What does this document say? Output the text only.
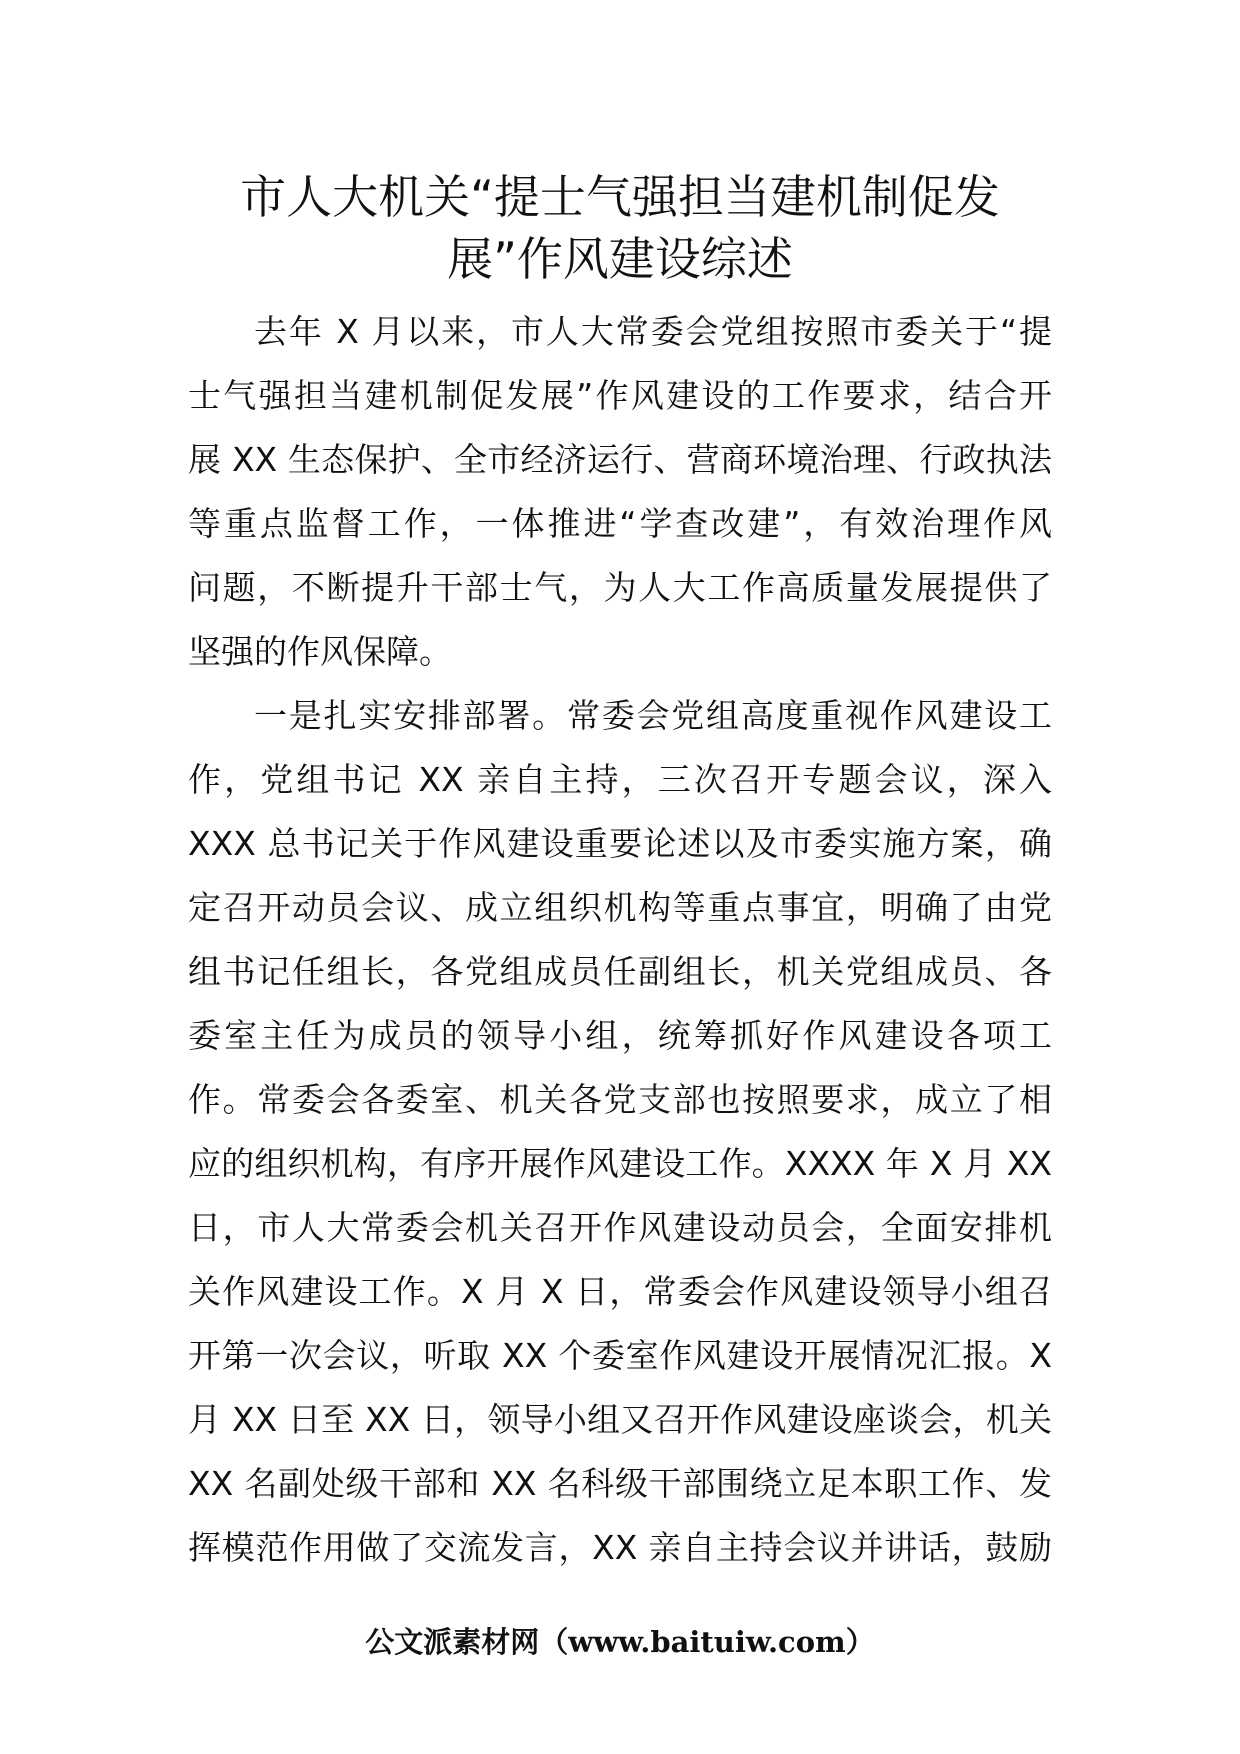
市人大机关“提士气强担当建机制促发
展”作风建设综述

去年 X 月以来，市人大常委会党组按照市委关于“提
士气强担当建机制促发展”作风建设的工作要求，结合开
展 XX 生态保护、全市经济运行、营商环境治理、行政执法
等重点监督工作，一体推进“学查改建”，有效治理作风
问题，不断提升干部士气，为人大工作高质量发展提供了
坚强的作风保障。

一是扎实安排部署。常委会党组高度重视作风建设工
作，党组书记 XX 亲自主持，三次召开专题会议，深入
XXX 总书记关于作风建设重要论述以及市委实施方案，确
定召开动员会议、成立组织机构等重点事宜，明确了由党
组书记任组长，各党组成员任副组长，机关党组成员、各
委室主任为成员的领导小组，统筹抓好作风建设各项工
作。常委会各委室、机关各党支部也按照要求，成立了相
应的组织机构，有序开展作风建设工作。XXXX 年 X 月 XX
日，市人大常委会机关召开作风建设动员会，全面安排机
关作风建设工作。X 月 X 日，常委会作风建设领导小组召
开第一次会议，听取 XX 个委室作风建设开展情况汇报。X
月 XX 日至 XX 日，领导小组又召开作风建设座谈会，机关
XX 名副处级干部和 XX 名科级干部围绕立足本职工作、发
挥模范作用做了交流发言，XX 亲自主持会议并讲话，鼓励

公文派素材网（www.baituiw.com）
